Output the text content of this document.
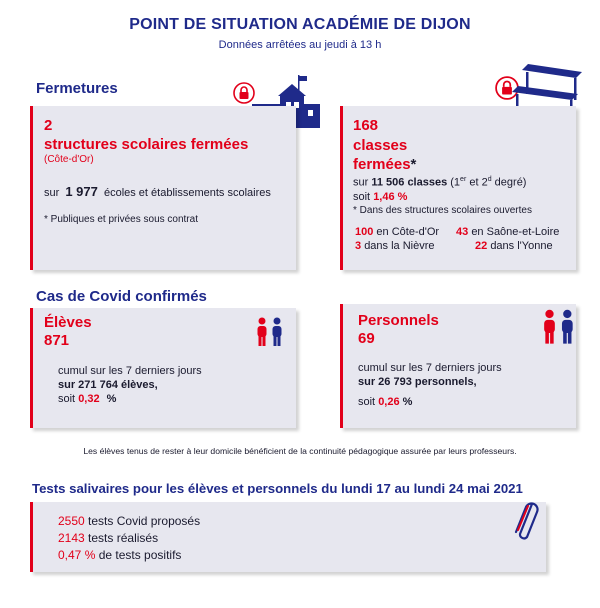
POINT DE SITUATION ACADÉMIE DE DIJON
Données arrêtées au jeudi à 13 h
Fermetures
2
structures scolaires fermées
(Côte-d'Or)
sur 1 977 écoles et établissements scolaires
* Publiques et privées sous contrat
168
classes
fermées*
sur 11 506 classes (1er et 2$^d$ degré)
soit 1,46 %
* Dans des structures scolaires ouvertes
100 en Côte-d'Or 43 en Saône-et-Loire
3 dans la Nièvre	22 dans l'Yonne
Cas de Covid confirmés
Élèves
871
cumul sur les 7 derniers jours
sur 271 764 élèves,
soit 0,32 %
Personnels
69
cumul sur les 7 derniers jours
sur 26 793 personnels,
soit 0,26 %
Les élèves tenus de rester à leur domicile bénéficient de la continuité pédagogique assurée par leurs professeurs.
Tests salivaires pour les élèves et personnels du lundi 17 au lundi 24 mai 2021
2550 tests Covid proposés
2143 tests réalisés
0,47 % de tests positifs
